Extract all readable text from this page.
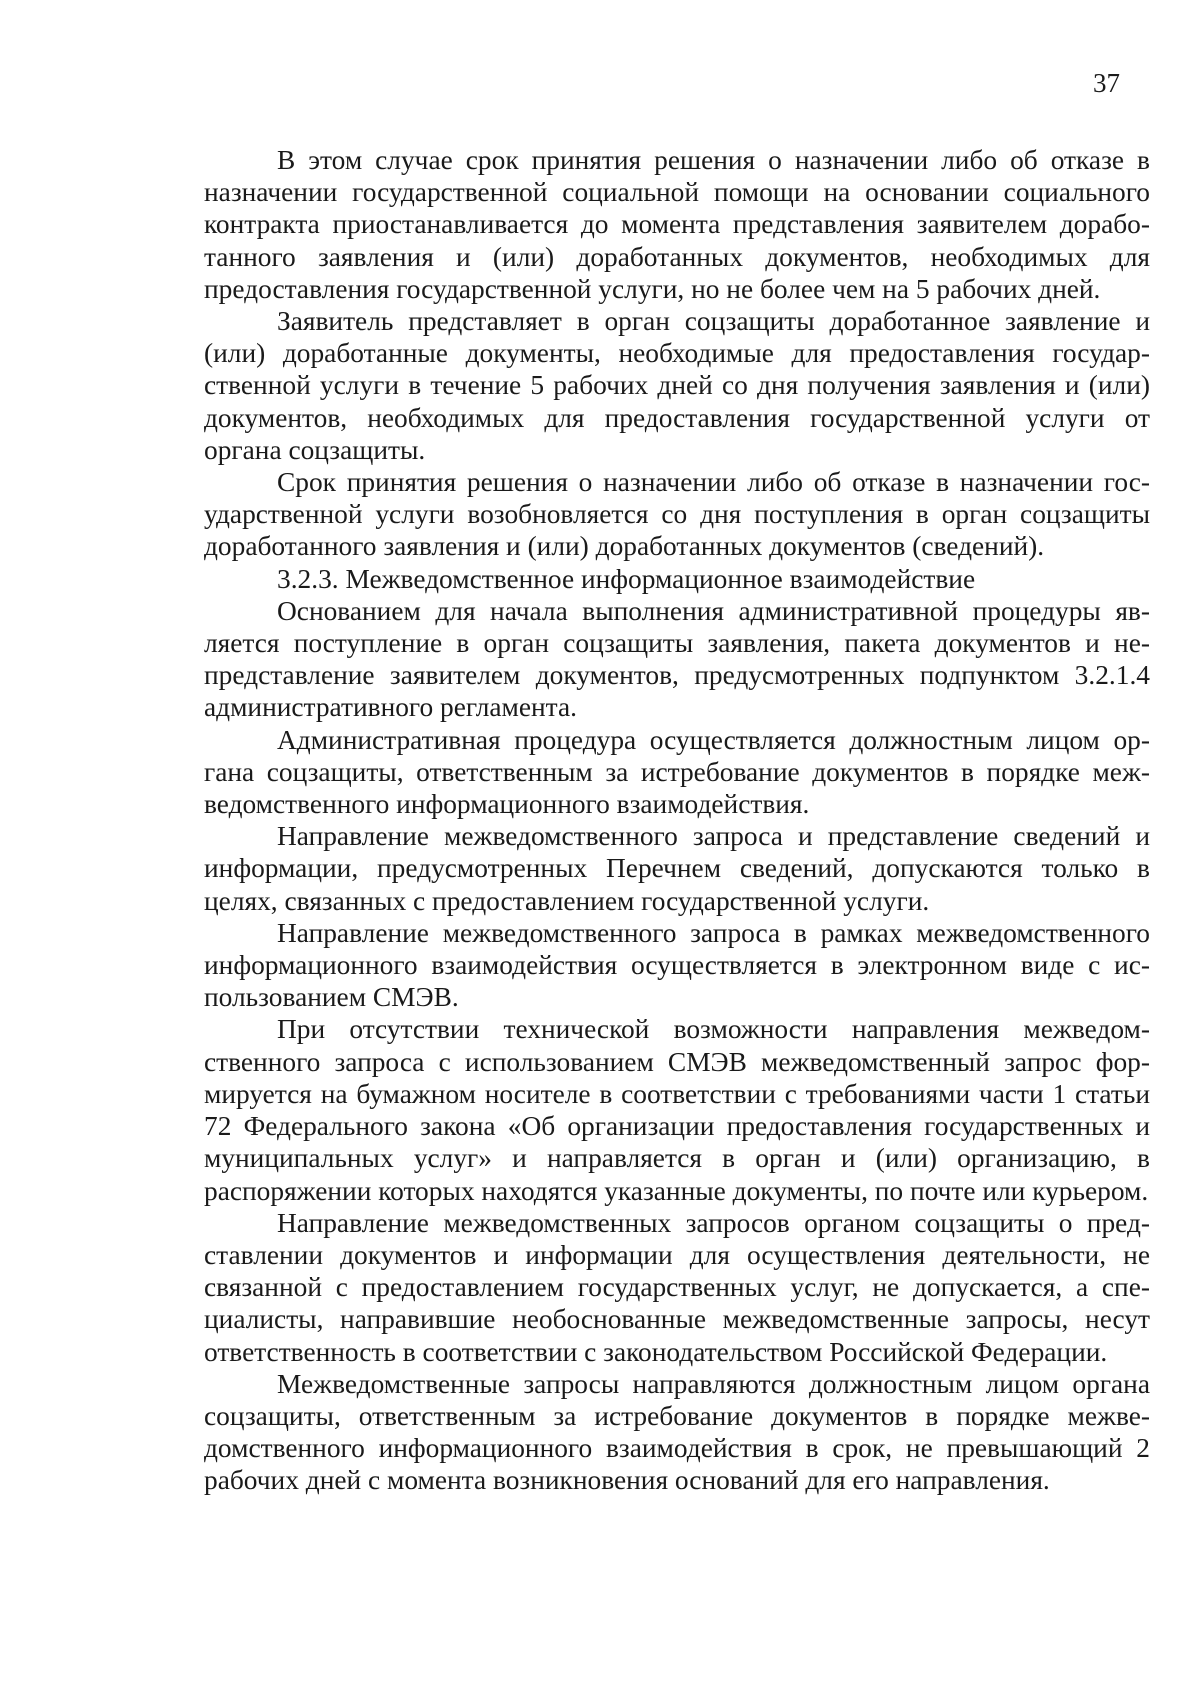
37

В этом случае срок принятия решения о назначении либо об отказе в назначении государственной социальной помощи на основании социального контракта приостанавливается до момента представления заявителем доработанного заявления и (или) доработанных документов, необходимых для предоставления государственной услуги, но не более чем на 5 рабочих дней.

Заявитель представляет в орган соцзащиты доработанное заявление и (или) доработанные документы, необходимые для предоставления государственной услуги в течение 5 рабочих дней со дня получения заявления и (или) документов, необходимых для предоставления государственной услуги от органа соцзащиты.

Срок принятия решения о назначении либо об отказе в назначении государственной услуги возобновляется со дня поступления в орган соцзащиты доработанного заявления и (или) доработанных документов (сведений).

3.2.3. Межведомственное информационное взаимодействие

Основанием для начала выполнения административной процедуры является поступление в орган соцзащиты заявления, пакета документов и непредставление заявителем документов, предусмотренных подпунктом 3.2.1.4 административного регламента.

Административная процедура осуществляется должностным лицом органа соцзащиты, ответственным за истребование документов в порядке межведомственного информационного взаимодействия.

Направление межведомственного запроса и представление сведений и информации, предусмотренных Перечнем сведений, допускаются только в целях, связанных с предоставлением государственной услуги.

Направление межведомственного запроса в рамках межведомственного информационного взаимодействия осуществляется в электронном виде с использованием СМЭВ.

При отсутствии технической возможности направления межведомственного запроса с использованием СМЭВ межведомственный запрос формируется на бумажном носителе в соответствии с требованиями части 1 статьи 72 Федерального закона «Об организации предоставления государственных и муниципальных услуг» и направляется в орган и (или) организацию, в распоряжении которых находятся указанные документы, по почте или курьером.

Направление межведомственных запросов органом соцзащиты о представлении документов и информации для осуществления деятельности, не связанной с предоставлением государственных услуг, не допускается, а специалисты, направившие необоснованные межведомственные запросы, несут ответственность в соответствии с законодательством Российской Федерации.

Межведомственные запросы направляются должностным лицом органа соцзащиты, ответственным за истребование документов в порядке межведомственного информационного взаимодействия в срок, не превышающий 2 рабочих дней с момента возникновения оснований для его направления.
